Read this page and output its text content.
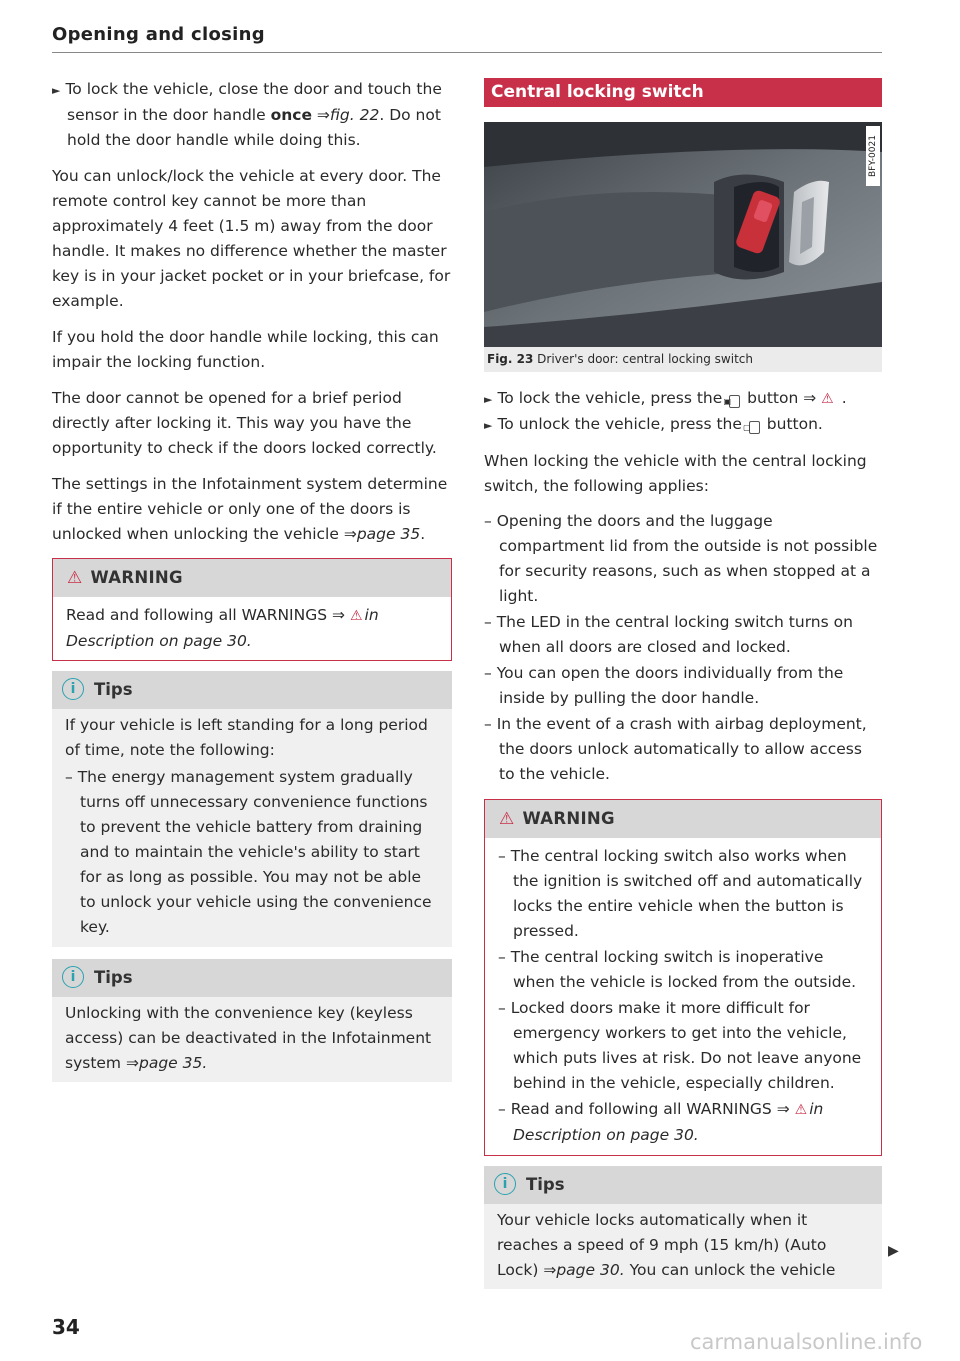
Opening and closing

► To lock the vehicle, close the door and touch the sensor in the door handle once ⇒fig. 22. Do not hold the door handle while doing this.

You can unlock/lock the vehicle at every door. The remote control key cannot be more than approximately 4 feet (1.5 m) away from the door handle. It makes no difference whether the master key is in your jacket pocket or in your briefcase, for example.

If you hold the door handle while locking, this can impair the locking function.

The door cannot be opened for a brief period directly after locking it. This way you have the opportunity to check if the doors locked correctly.

The settings in the Infotainment system determine if the entire vehicle or only one of the doors is unlocked when unlocking the vehicle ⇒page 35.

⚠ WARNING
Read and following all WARNINGS ⇒ ⚠ in Description on page 30.
i Tips

If your vehicle is left standing for a long period of time, note the following:

– The energy management system gradually turns off unnecessary convenience functions to prevent the vehicle battery from draining and to maintain the vehicle's ability to start for as long as possible. You may not be able to unlock your vehicle using the convenience key.
i Tips
Unlocking with the convenience key (keyless access) can be deactivated in the Infotainment system ⇒page 35.
Central locking switch
BFY-0021
Fig. 23 Driver's door: central locking switch

► To lock the vehicle, press the ▣ button ⇒ ⚠ .

► To unlock the vehicle, press the ▢ button.

When locking the vehicle with the central locking switch, the following applies:

– Opening the doors and the luggage compartment lid from the outside is not possible for security reasons, such as when stopped at a light.
– The LED in the central locking switch turns on when all doors are closed and locked.
– You can open the doors individually from the inside by pulling the door handle.
– In the event of a crash with airbag deployment, the doors unlock automatically to allow access to the vehicle.
⚠ WARNING
– The central locking switch also works when the ignition is switched off and automatically locks the entire vehicle when the button is pressed.
– The central locking switch is inoperative when the vehicle is locked from the outside.
– Locked doors make it more difficult for emergency workers to get into the vehicle, which puts lives at risk. Do not leave anyone behind in the vehicle, especially children.
– Read and following all WARNINGS ⇒ ⚠ in Description on page 30.
i Tips
Your vehicle locks automatically when it reaches a speed of 9 mph (15 km/h) (Auto Lock) ⇒page 30. You can unlock the vehicle
▶
34
carmanualsonline.info
